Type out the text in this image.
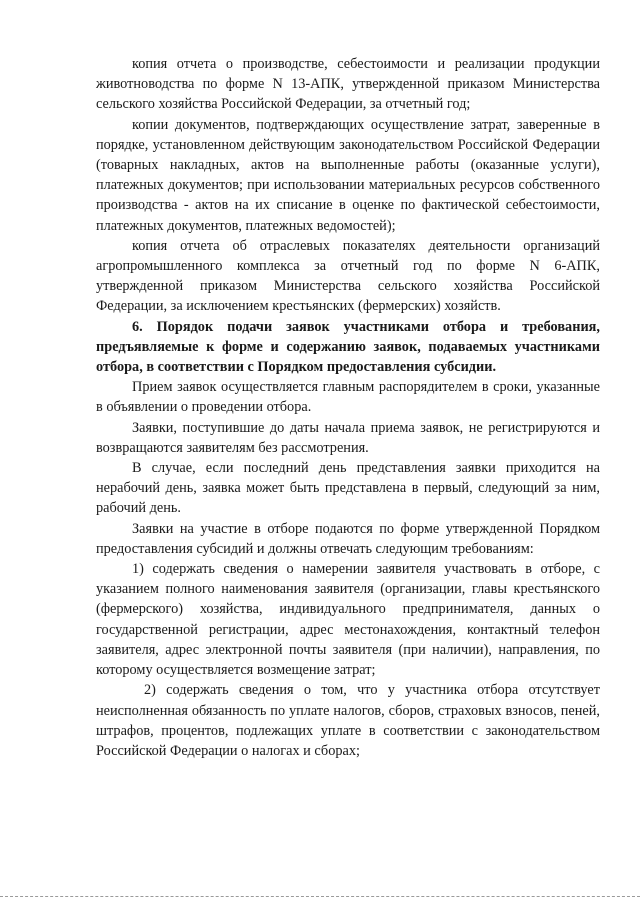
копия отчета о производстве, себестоимости и реализации продукции животноводства по форме N 13-АПК, утвержденной приказом Министерства сельского хозяйства Российской Федерации, за отчетный год;

копии документов, подтверждающих осуществление затрат, заверенные в порядке, установленном действующим законодательством Российской Федерации (товарных накладных, актов на выполненные работы (оказанные услуги), платежных документов; при использовании материальных ресурсов собственного производства - актов на их списание в оценке по фактической себестоимости, платежных документов, платежных ведомостей);

копия отчета об отраслевых показателях деятельности организаций агропромышленного комплекса за отчетный год по форме N 6-АПК, утвержденной приказом Министерства сельского хозяйства Российской Федерации, за исключением крестьянских (фермерских) хозяйств.

6. Порядок подачи заявок участниками отбора и требования, предъявляемые к форме и содержанию заявок, подаваемых участниками отбора, в соответствии с Порядком предоставления субсидии.

Прием заявок осуществляется главным распорядителем в сроки, указанные в объявлении о проведении отбора.

Заявки, поступившие до даты начала приема заявок, не регистрируются и возвращаются заявителям без рассмотрения.

В случае, если последний день представления заявки приходится на нерабочий день, заявка может быть представлена в первый, следующий за ним, рабочий день.

Заявки на участие в отборе подаются по форме утвержденной Порядком предоставления субсидий и должны отвечать следующим требованиям:

1) содержать сведения о намерении заявителя участвовать в отборе, с указанием полного наименования заявителя (организации, главы крестьянского (фермерского) хозяйства, индивидуального предпринимателя, данных о государственной регистрации, адрес местонахождения, контактный телефон заявителя, адрес электронной почты заявителя (при наличии), направления, по которому осуществляется возмещение затрат;

2) содержать сведения о том, что у участника отбора отсутствует неисполненная обязанность по уплате налогов, сборов, страховых взносов, пеней, штрафов, процентов, подлежащих уплате в соответствии с законодательством Российской Федерации о налогах и сборах;
